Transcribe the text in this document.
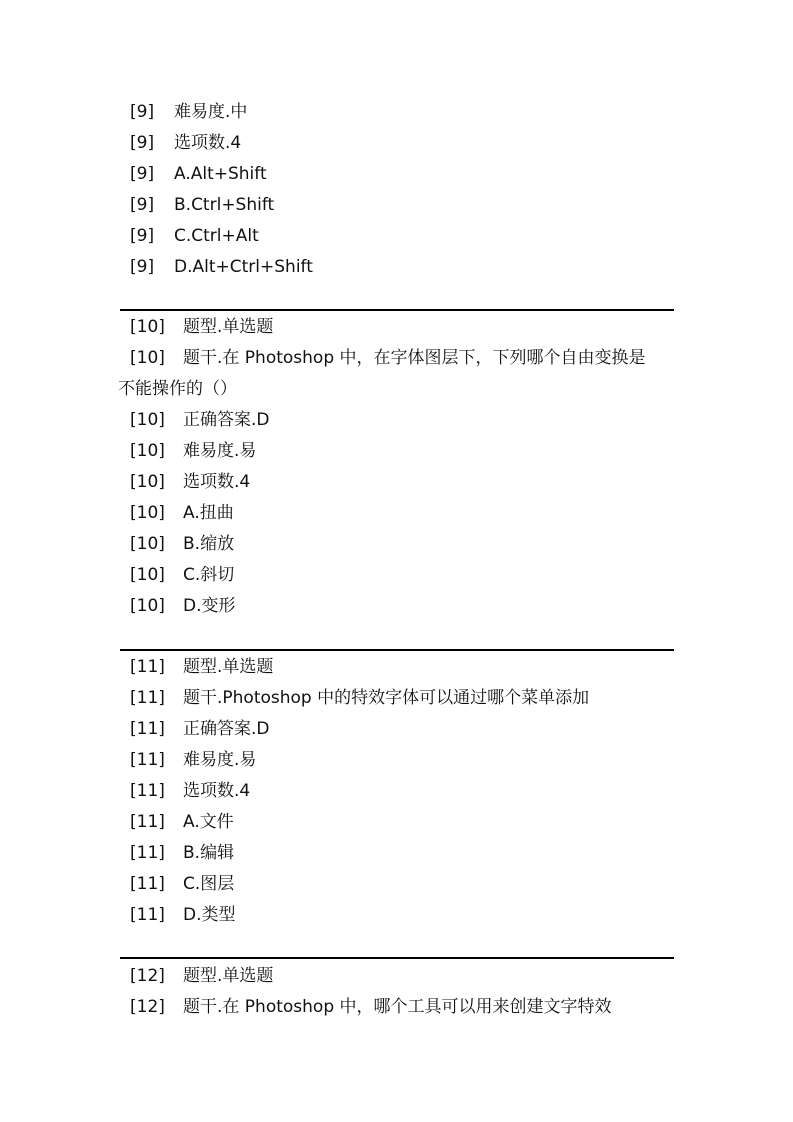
[9] 难易度.中
[9] 选项数.4
[9] A.Alt+Shift
[9] B.Ctrl+Shift
[9] C.Ctrl+Alt
[9] D.Alt+Ctrl+Shift
[10] 题型.单选题
[10] 题干.在 Photoshop 中，在字体图层下，下列哪个自由变换是
不能操作的（）
[10] 正确答案.D
[10] 难易度.易
[10] 选项数.4
[10] A.扭曲
[10] B.缩放
[10] C.斜切
[10] D.变形
[11] 题型.单选题
[11] 题干.Photoshop 中的特效字体可以通过哪个菜单添加
[11] 正确答案.D
[11] 难易度.易
[11] 选项数.4
[11] A.文件
[11] B.编辑
[11] C.图层
[11] D.类型
[12] 题型.单选题
[12] 题干.在 Photoshop 中，哪个工具可以用来创建文字特效
